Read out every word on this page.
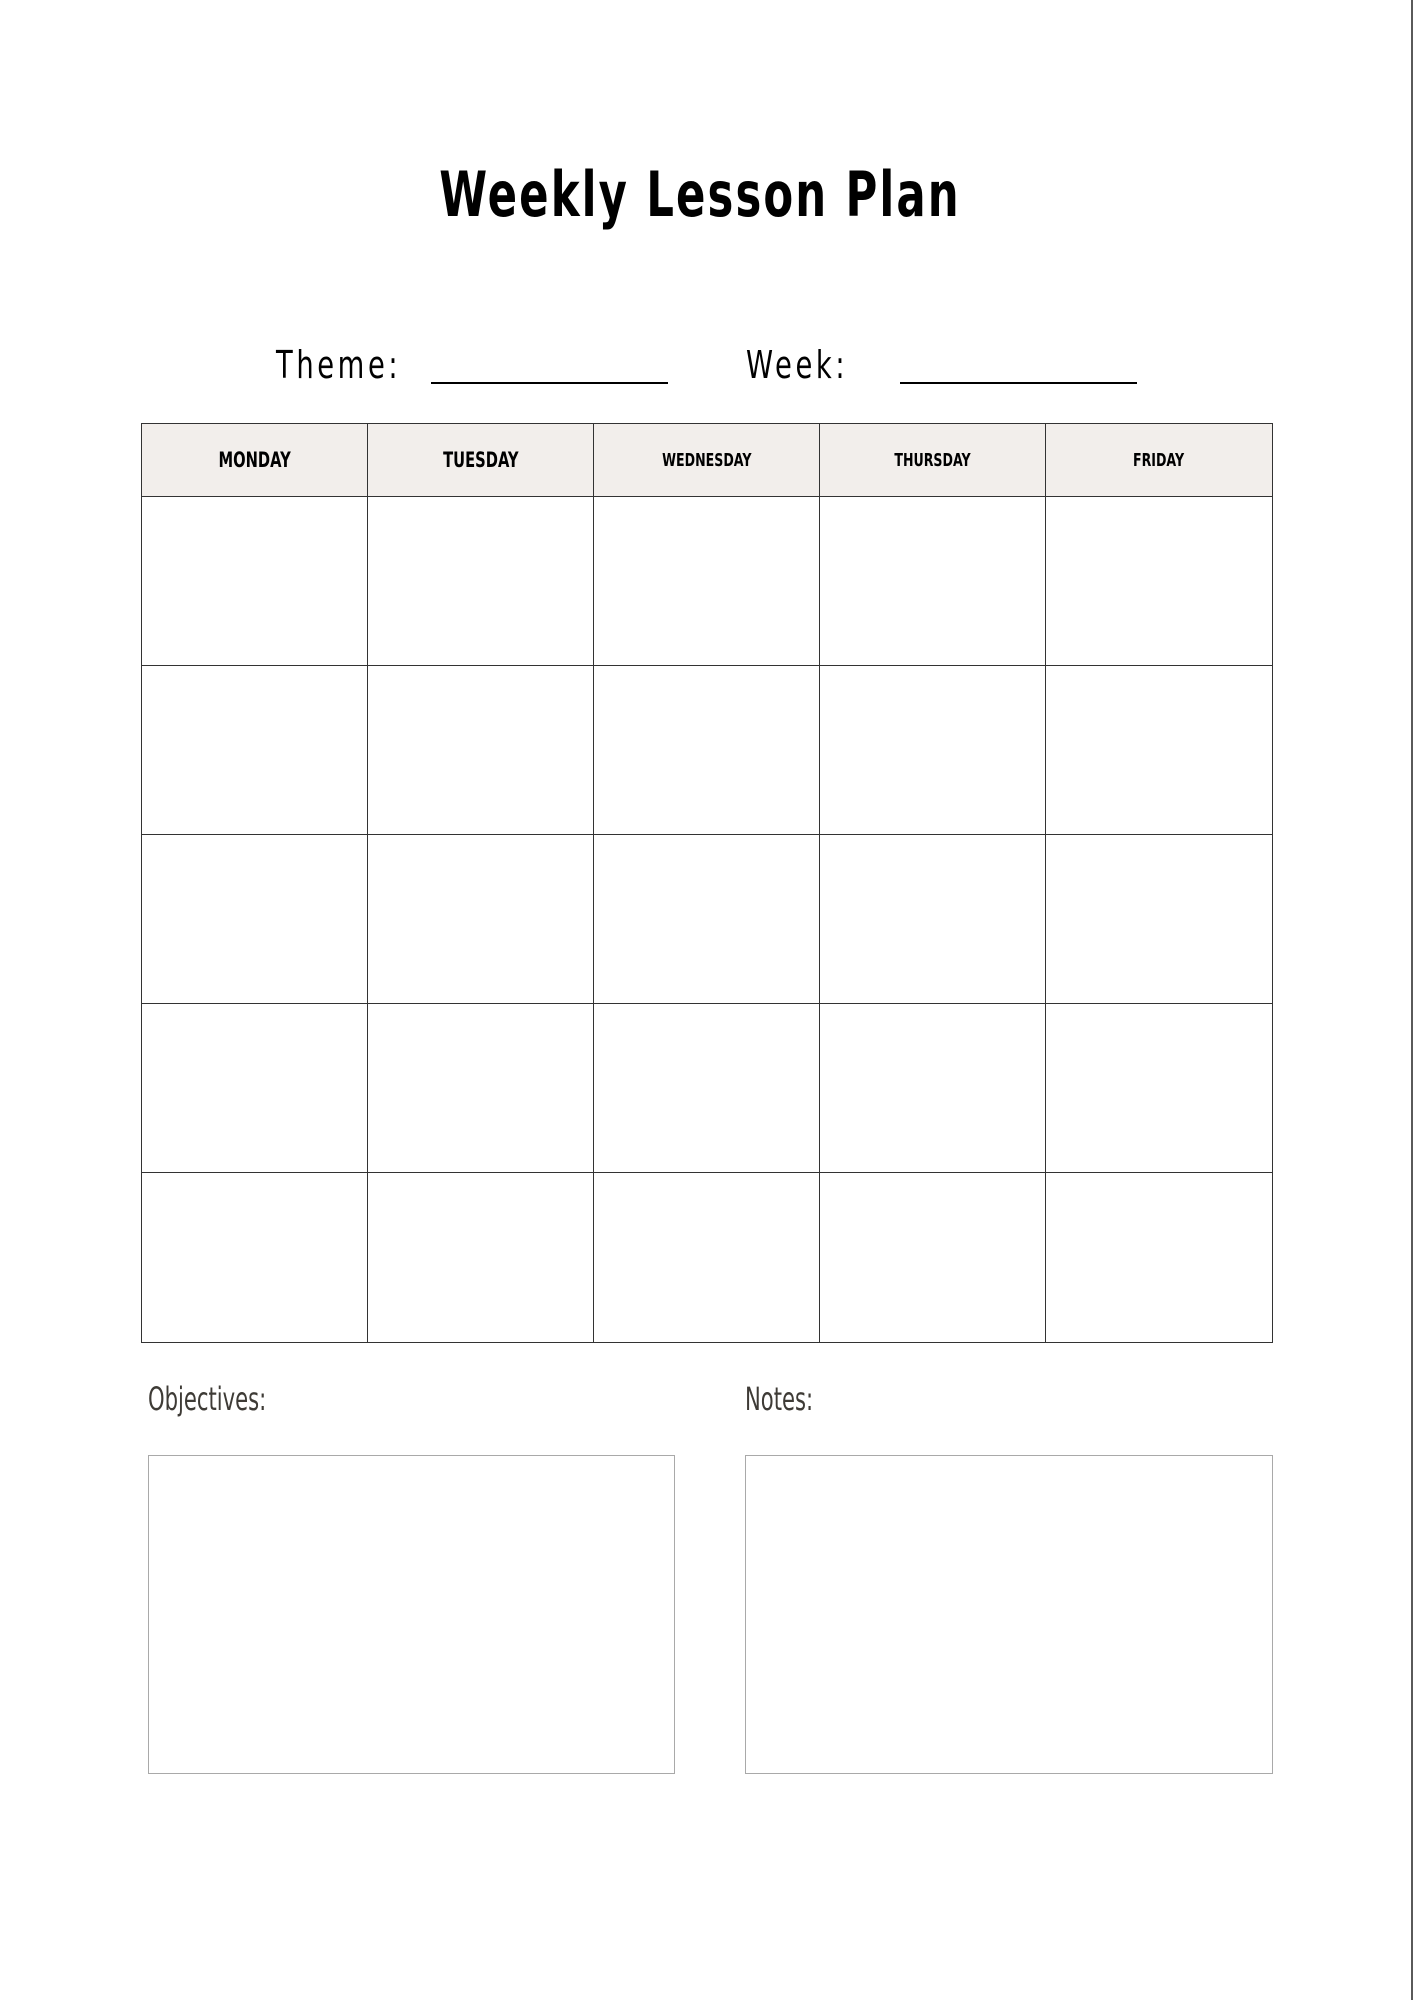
Weekly Lesson Plan
Theme:	Week:
MONDAY	TUESDAY	WEDNESDAY	THURSDAY	FRIDAY
Objectives:	Notes:
